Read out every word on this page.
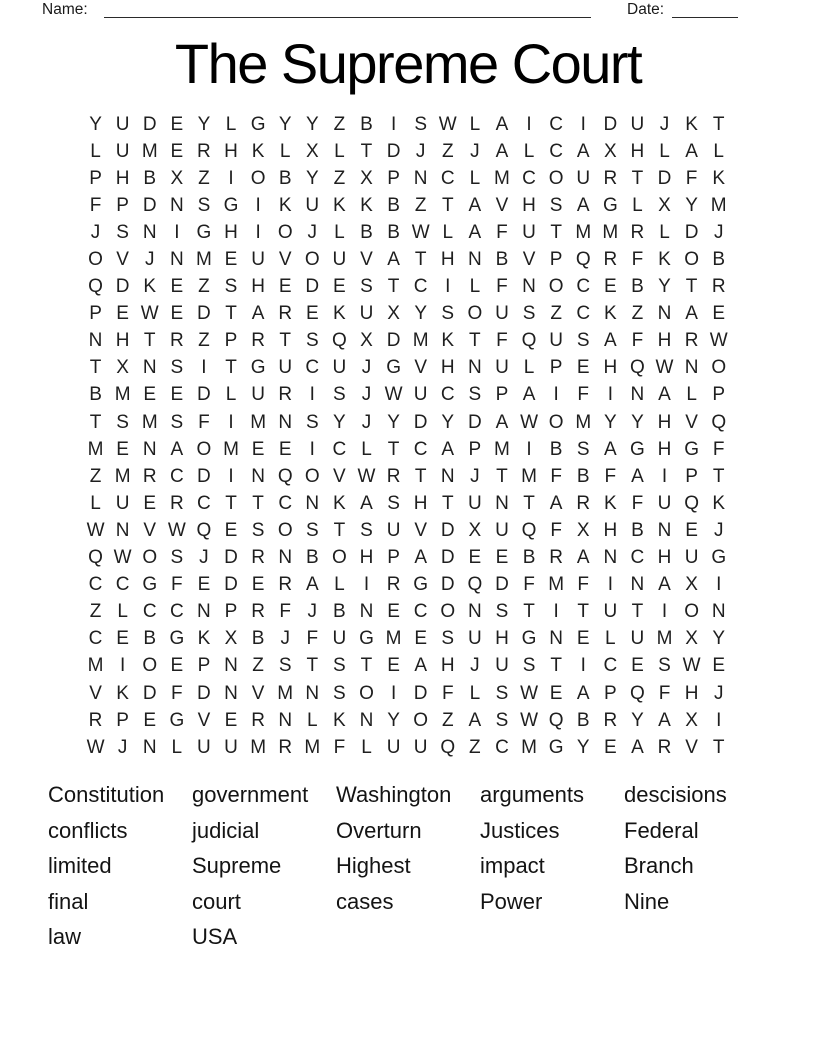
Name:	Date:
The Supreme Court
Y U D E Y L G Y Y Z B I S W L A I C I D U J K T
L U M E R H K L X L T D J Z J A L C A X H L A L
P H B X Z I O B Y Z X P N C L M C O U R T D F K
F P D N S G I K U K K B Z T A V H S A G L X Y M
J S N I G H I O J L B B W L A F U T M M R L D J
O V J N M E U V O U V A T H N B V P Q R F K O B
Q D K E Z S H E D E S T C I	L F N O C E B Y T R
P E W E D T A R E K U X Y S O U S Z C K Z N A E
N H T R Z P R T S Q X D M K T F Q U S A F H R W
T X N S I T G U C U J G V H N U L P E H Q W N O
B M E E D L U R I S J W U C S P A I F I N A L P
T S M S F I M N S Y J Y D Y D A W O M Y Y H V Q
M E N A O M E E I C L T C A P M I B S A G H G F
Z M R C D I N Q O V W R T N J T M F B F A I P T
L U E R C T T C N K A S H T U N T A R K F U Q K
W N V W Q E S O S T S U V D X U Q F X H B N E J
Q W O S J D R N B O H P A D E E B R A N C H U G
C C G F E D E R A L	I R G D Q D F M F I N A X I
Z L C C N P R F J B N E C O N S T I T U T I O N
C E B G K X B J F U G M E S U H G N E L U M X Y
M I O E P N Z S T S T E A H J U S T I C E S W E
V K D F D N V M N S O I D F L S W E A P Q F H J
R P E G V E R N L K N Y O Z A S W Q B R Y A X I
W J N L U U M R M F L U U Q Z C M G Y E A R V T
Constitution
conflicts
limited
final
law
government
judicial
Supreme
court
USA
Washington
Overturn
Highest
cases
arguments
Justices
impact
Power
descisions
Federal
Branch
Nine
